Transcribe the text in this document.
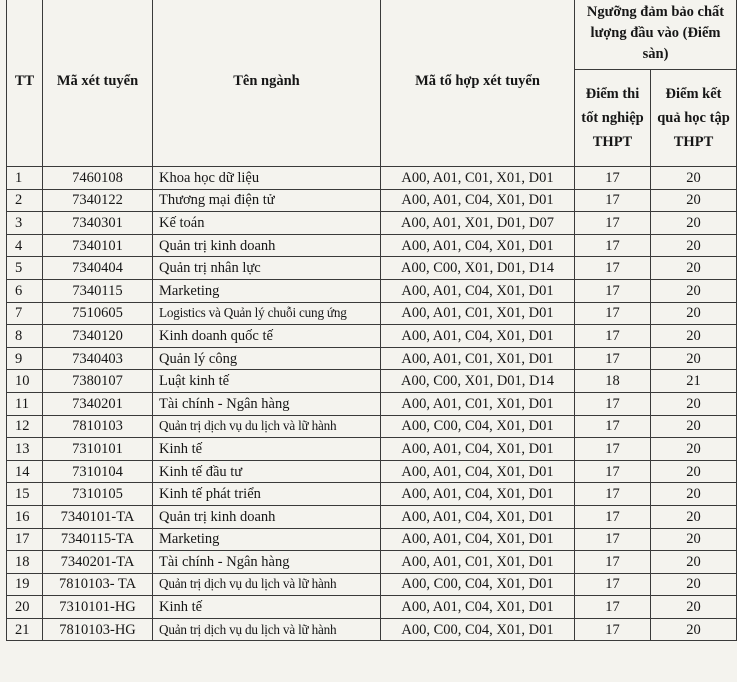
TT	Mã xét tuyển	Tên ngành	Mã tổ hợp xét tuyển	Ngưỡng đảm bảo chất lượng đầu vào (Điểm sàn)	
				Điểm thi tốt nghiệp THPT	Điểm kết quả học tập THPT
1	7460108	Khoa học dữ liệu	A00, A01, C01, X01, D01	17	20
2	7340122	Thương mại điện tử	A00, A01, C04, X01, D01	17	20
3	7340301	Kế toán	A00, A01, X01, D01, D07	17	20
4	7340101	Quản trị kinh doanh	A00, A01, C04, X01, D01	17	20
5	7340404	Quản trị nhân lực	A00, C00, X01, D01, D14	17	20
6	7340115	Marketing	A00, A01, C04, X01, D01	17	20
7	7510605	Logistics và Quản lý chuỗi cung ứng	A00, A01, C01, X01, D01	17	20
8	7340120	Kinh doanh quốc tế	A00, A01, C04, X01, D01	17	20
9	7340403	Quản lý công	A00, A01, C01, X01, D01	17	20
10	7380107	Luật kinh tế	A00, C00, X01, D01, D14	18	21
11	7340201	Tài chính - Ngân hàng	A00, A01, C01, X01, D01	17	20
12	7810103	Quản trị dịch vụ du lịch và lữ hành	A00, C00, C04, X01, D01	17	20
13	7310101	Kinh tế	A00, A01, C04, X01, D01	17	20
14	7310104	Kinh tế đầu tư	A00, A01, C04, X01, D01	17	20
15	7310105	Kinh tế phát triển	A00, A01, C04, X01, D01	17	20
16	7340101-TA	Quản trị kinh doanh	A00, A01, C04, X01, D01	17	20
17	7340115-TA	Marketing	A00, A01, C04, X01, D01	17	20
18	7340201-TA	Tài chính - Ngân hàng	A00, A01, C01, X01, D01	17	20
19	7810103- TA	Quản trị dịch vụ du lịch và lữ hành	A00, C00, C04, X01, D01	17	20
20	7310101-HG	Kinh tế	A00, A01, C04, X01, D01	17	20
21	7810103-HG	Quản trị dịch vụ du lịch và lữ hành	A00, C00, C04, X01, D01	17	20
